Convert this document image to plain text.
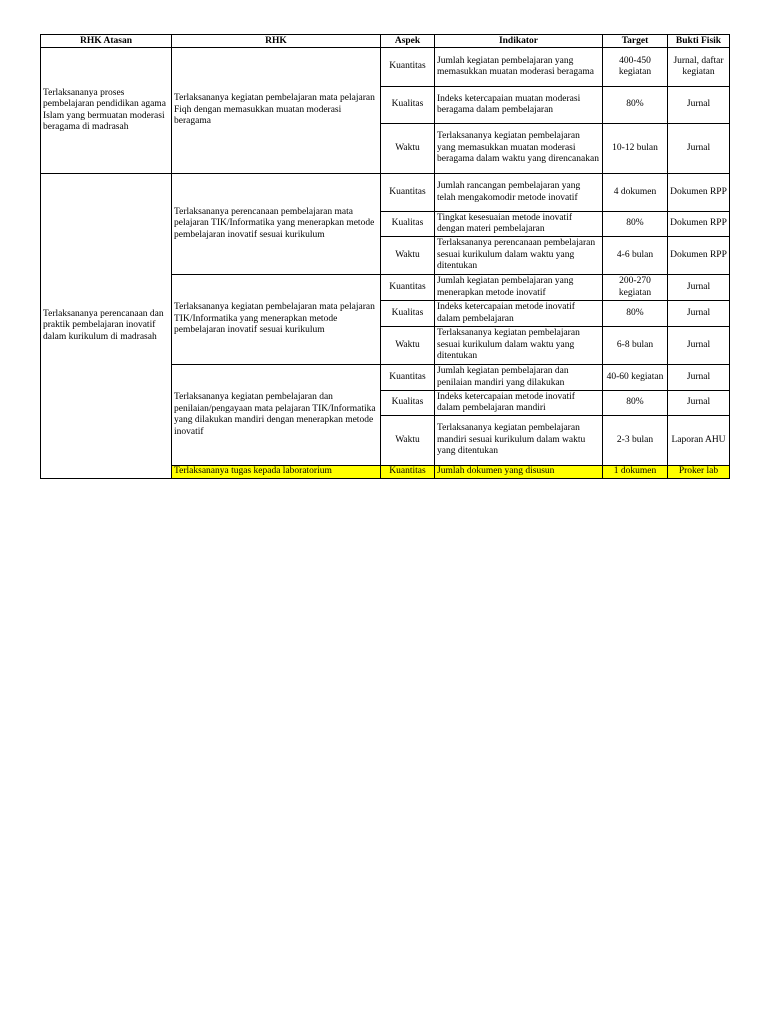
RHK Atasan	RHK	Aspek	Indikator	Target	Bukti Fisik
Terlaksananya proses pembelajaran pendidikan agama Islam yang bermuatan moderasi beragama di madrasah	Terlaksananya kegiatan pembelajaran mata pelajaran Fiqh dengan memasukkan muatan moderasi beragama	Kuantitas	Jumlah kegiatan pembelajaran yang memasukkan muatan moderasi beragama	400-450 kegiatan	Jurnal, daftar kegiatan
		Kualitas	Indeks ketercapaian muatan moderasi beragama dalam pembelajaran	80%	Jurnal
		Waktu	Terlaksananya kegiatan pembelajaran yang memasukkan muatan moderasi beragama dalam waktu yang direncanakan	10-12 bulan	Jurnal
Terlaksananya perencanaan dan praktik pembelajaran inovatif dalam kurikulum di madrasah	Terlaksananya perencanaan pembelajaran mata pelajaran TIK/Informatika yang menerapkan metode pembelajaran inovatif sesuai kurikulum	Kuantitas	Jumlah rancangan pembelajaran yang telah mengakomodir metode inovatif	4 dokumen	Dokumen RPP
		Kualitas	Tingkat kesesuaian metode inovatif dengan materi pembelajaran	80%	Dokumen RPP
		Waktu	Terlaksananya perencanaan pembelajaran sesuai kurikulum dalam waktu yang ditentukan	4-6 bulan	Dokumen RPP
	Terlaksananya kegiatan pembelajaran mata pelajaran TIK/Informatika yang menerapkan metode pembelajaran inovatif sesuai kurikulum	Kuantitas	Jumlah kegiatan pembelajaran yang menerapkan metode inovatif	200-270 kegiatan	Jurnal
		Kualitas	Indeks ketercapaian metode inovatif dalam pembelajaran	80%	Jurnal
		Waktu	Terlaksananya kegiatan pembelajaran sesuai kurikulum dalam waktu yang ditentukan	6-8 bulan	Jurnal
	Terlaksananya kegiatan pembelajaran dan penilaian/pengayaan mata pelajaran TIK/Informatika yang dilakukan mandiri dengan menerapkan metode inovatif	Kuantitas	Jumlah kegiatan pembelajaran dan penilaian mandiri yang dilakukan	40-60 kegiatan	Jurnal
		Kualitas	Indeks ketercapaian metode inovatif dalam pembelajaran mandiri	80%	Jurnal
		Waktu	Terlaksananya kegiatan pembelajaran mandiri sesuai kurikulum dalam waktu yang ditentukan	2-3 bulan	Laporan AHU
	Terlaksananya tugas kepada laboratorium	Kuantitas	Jumlah dokumen yang disusun	1 dokumen	Proker lab
